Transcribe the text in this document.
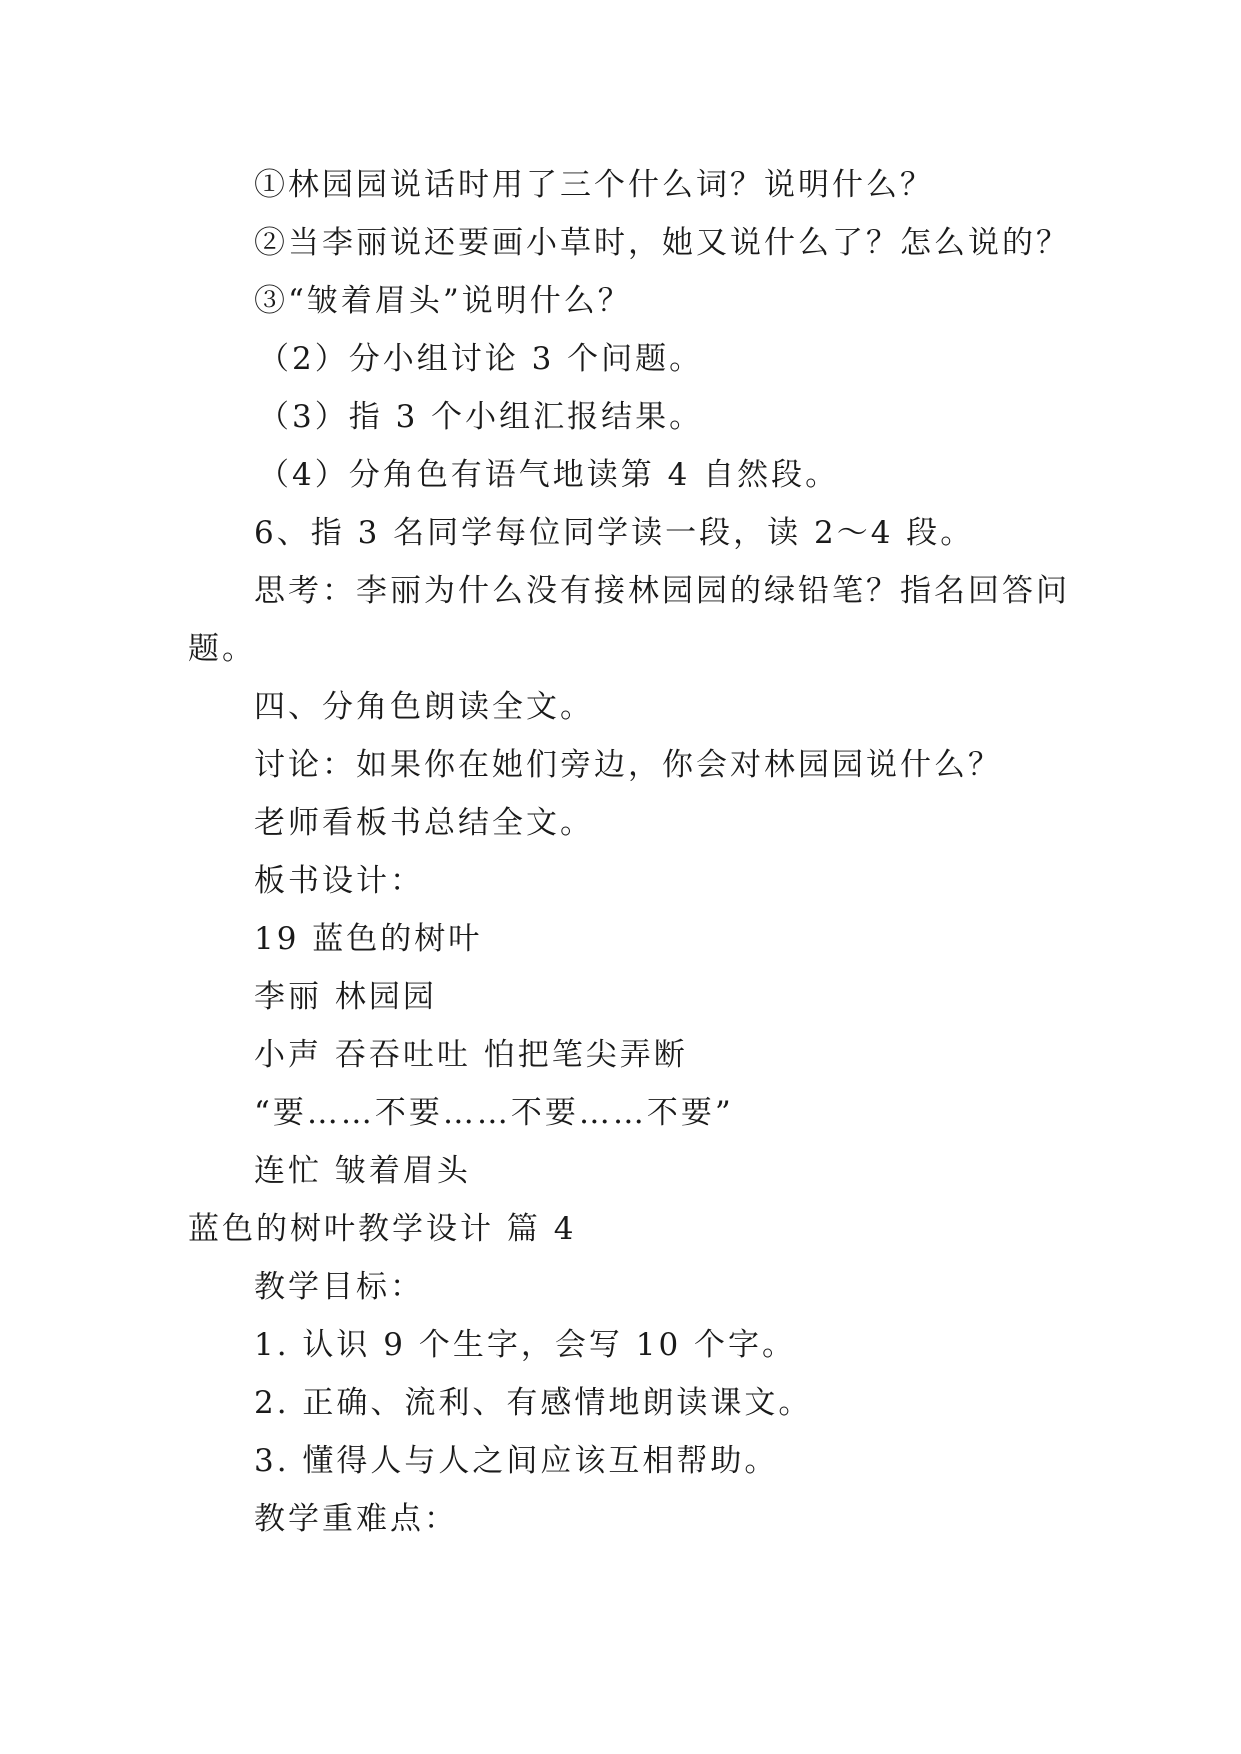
①林园园说话时用了三个什么词？说明什么？
②当李丽说还要画小草时，她又说什么了？怎么说的？
③“皱着眉头”说明什么？
（2）分小组讨论 3 个问题。
（3）指 3 个小组汇报结果。
（4）分角色有语气地读第 4 自然段。
6、指 3 名同学每位同学读一段，读 2～4 段。
思考：李丽为什么没有接林园园的绿铅笔？指名回答问
题。
四、分角色朗读全文。
讨论：如果你在她们旁边，你会对林园园说什么？
老师看板书总结全文。
板书设计：
19 蓝色的树叶
李丽 林园园
小声 吞吞吐吐 怕把笔尖弄断
“要……不要……不要……不要”
连忙 皱着眉头
蓝色的树叶教学设计 篇 4
教学目标：
1. 认识 9 个生字，会写 10 个字。
2. 正确、流利、有感情地朗读课文。
3. 懂得人与人之间应该互相帮助。
教学重难点：
